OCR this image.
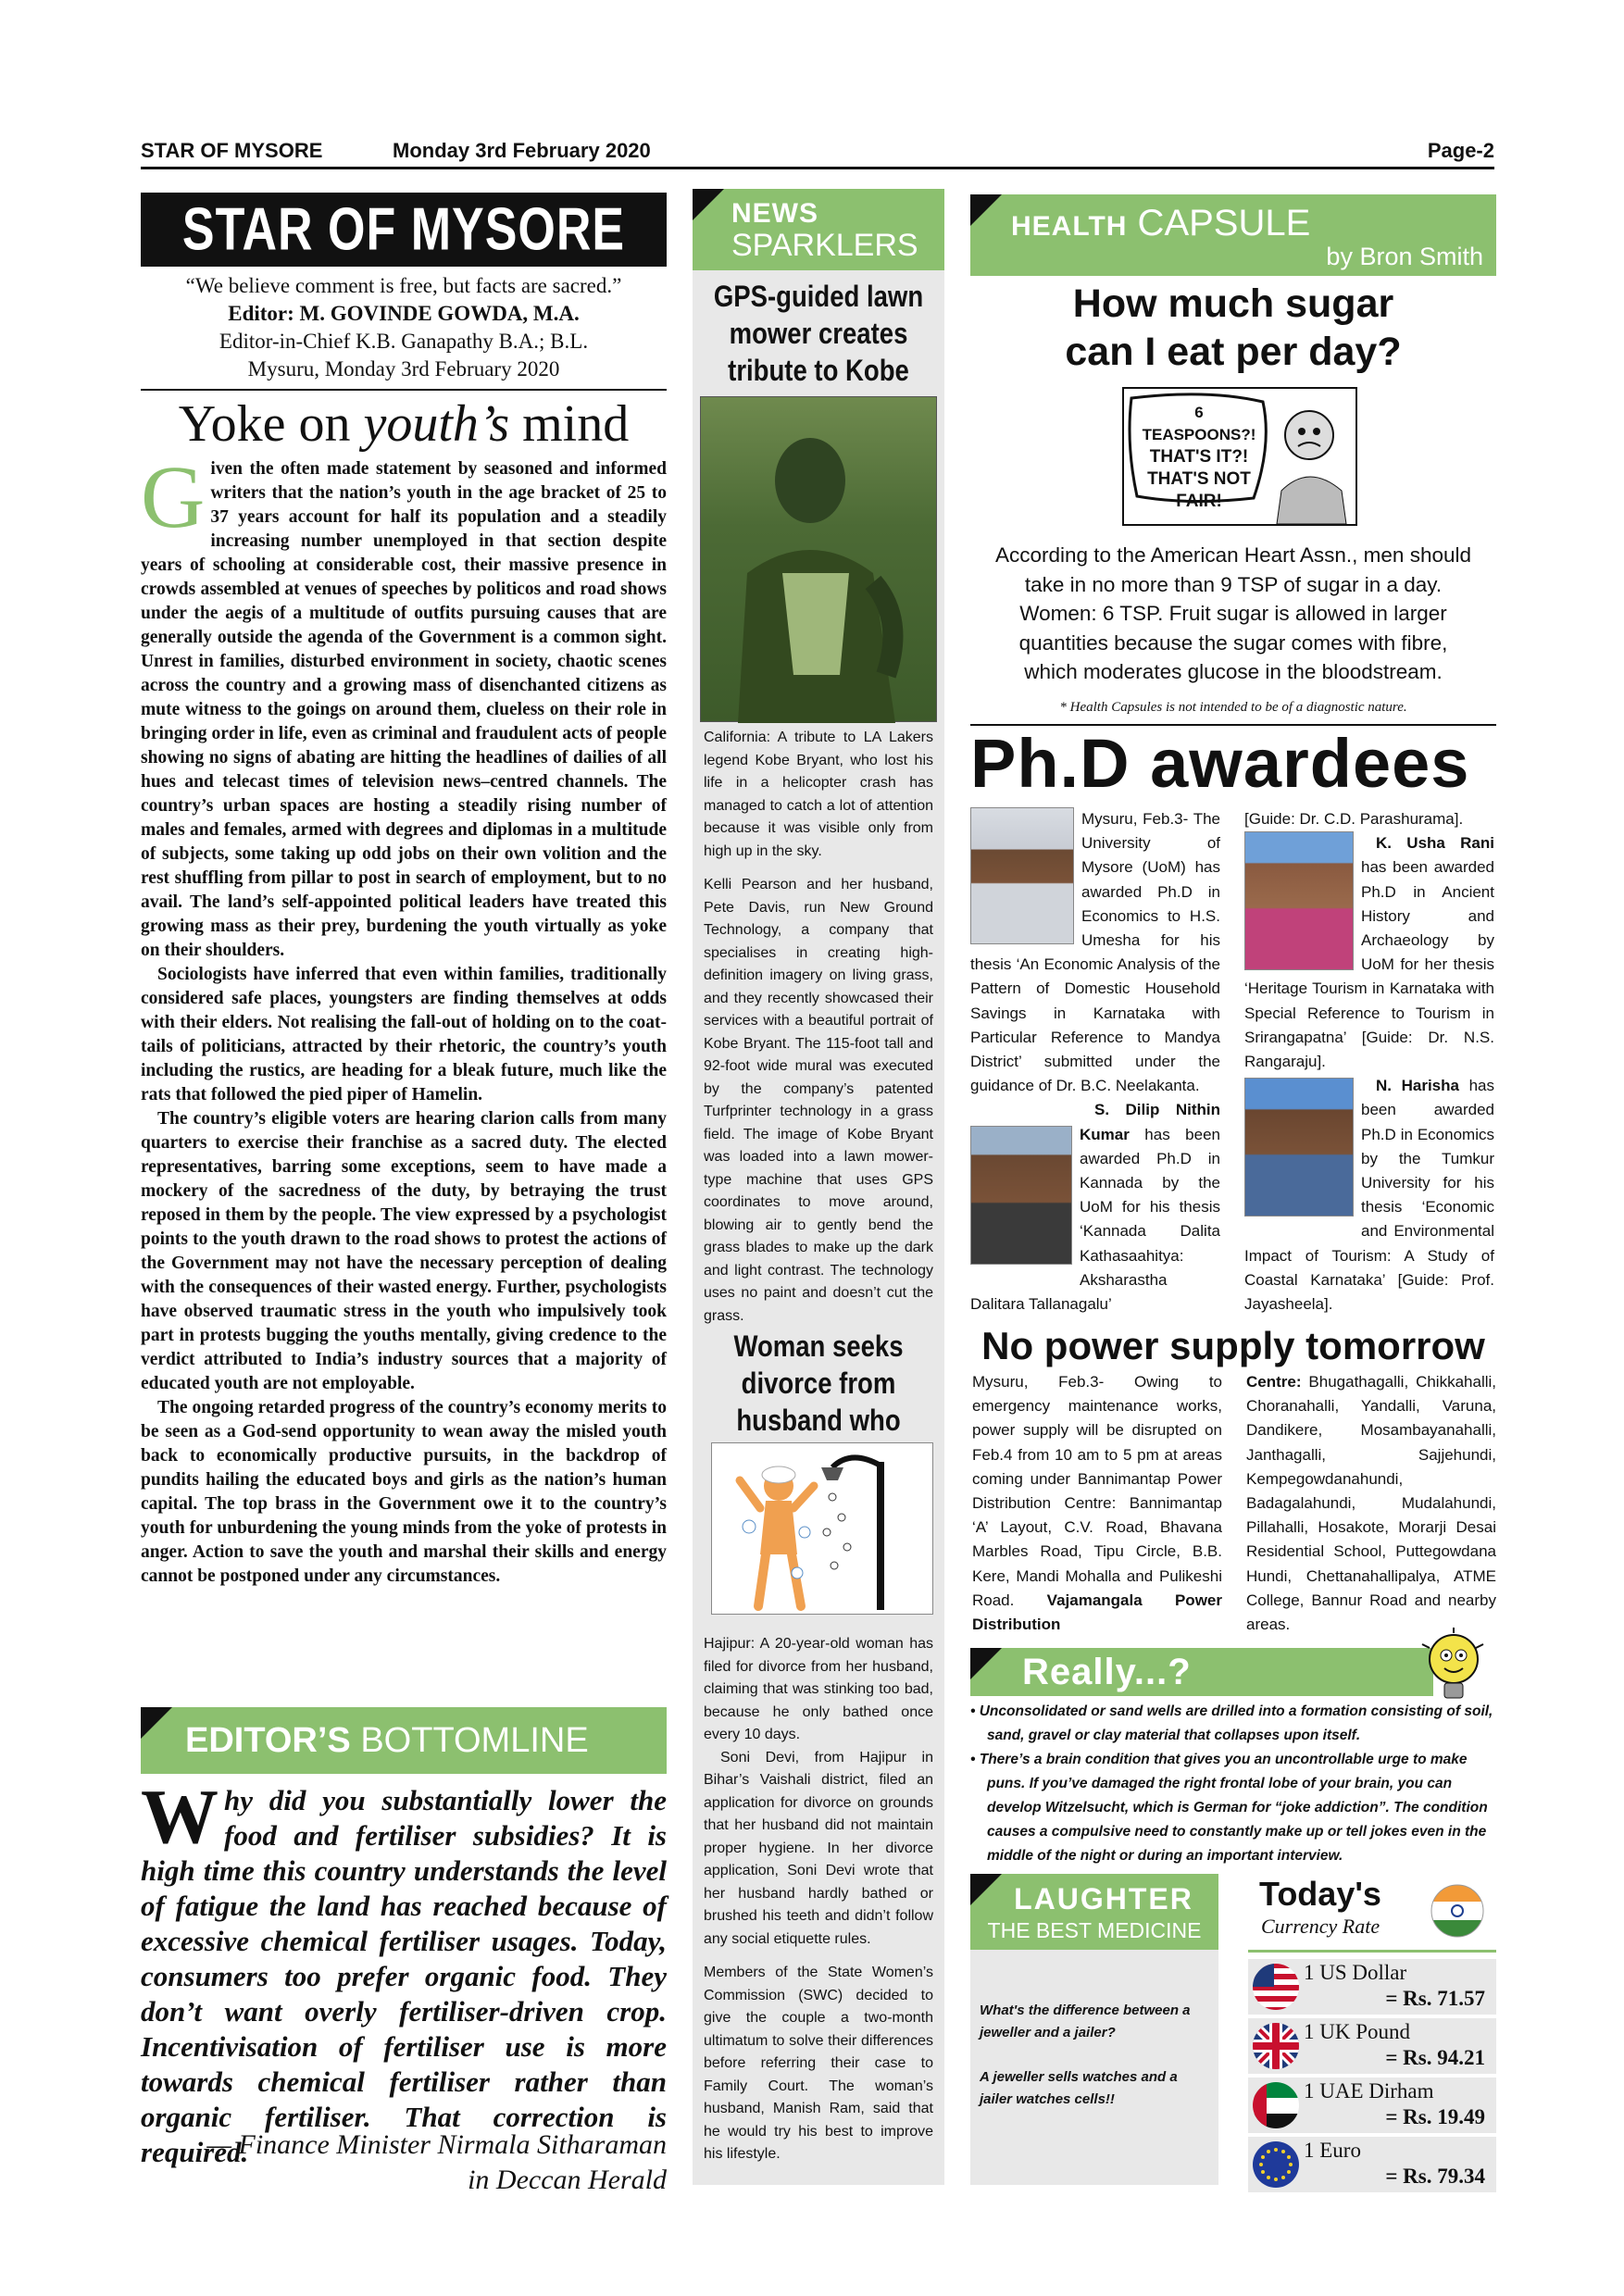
STAR OF MYSORE	Monday 3rd February 2020	Page-2
STAR OF MYSORE
“We believe comment is free, but facts are sacred.”
Editor: M. GOVINDE GOWDA, M.A.
Editor-in-Chief K.B. Ganapathy B.A.; B.L.
Mysuru, Monday 3rd February 2020
Yoke on youth’s mind
G iven the often made statement by seasoned and informed writers that the nation’s youth in the age bracket of 25 to 37 years account for half its population and a steadily increasing number unemployed in that section despite years of schooling at considerable cost, their massive presence in crowds assembled at venues of speeches by politicos and road shows under the aegis of a multitude of outfits pursuing causes that are generally outside the agenda of the Government is a common sight. Unrest in families, disturbed environment in society, chaotic scenes across the country and a growing mass of disenchanted citizens as mute witness to the goings on around them, clueless on their role in bringing order in life, even as criminal and fraudulent acts of people showing no signs of abating are hitting the headlines of dailies of all hues and telecast times of television news–centred channels. The country’s urban spaces are hosting a steadily rising number of males and females, armed with degrees and diplomas in a multitude of subjects, some taking up odd jobs on their own volition and the rest shuffling from pillar to post in search of employment, but to no avail. The land’s self-appointed political leaders have treated this growing mass as their prey, burdening the youth virtually as yoke on their shoulders.

Sociologists have inferred that even within families, traditionally considered safe places, youngsters are finding themselves at odds with their elders. Not realising the fall-out of holding on to the coat-tails of politicians, attracted by their rhetoric, the country’s youth including the rustics, are heading for a bleak future, much like the rats that followed the pied piper of Hamelin.

The country’s eligible voters are hearing clarion calls from many quarters to exercise their franchise as a sacred duty. The elected representatives, barring some exceptions, seem to have made a mockery of the sacredness of the duty, by betraying the trust reposed in them by the people. The view expressed by a psychologist points to the youth drawn to the road shows to protest the actions of the Government may not have the necessary perception of dealing with the consequences of their wasted energy. Further, psychologists have observed traumatic stress in the youth who impulsively took part in protests bugging the youths mentally, giving credence to the verdict attributed to India’s industry sources that a majority of educated youth are not employable.

The ongoing retarded progress of the country’s economy merits to be seen as a God-send opportunity to wean away the misled youth back to economically productive pursuits, in the backdrop of pundits hailing the educated boys and girls as the nation’s human capital. The top brass in the Government owe it to the country’s youth for unburdening the young minds from the yoke of protests in anger. Action to save the youth and marshal their skills and energy cannot be postponed under any circumstances.

EDITOR’S BOTTOMLINE
W hy did you substantially lower the food and fertiliser subsidies? It is high time this country understands the level of fatigue the land has reached because of excessive chemical fertiliser usages. Today, consumers too prefer organic food. They don’t want overly fertiliser-driven crop. Incentivisation of fertiliser use is more towards chemical fertiliser rather than organic fertiliser. That correction is required.
— Finance Minister Nirmala Sitharaman
in Deccan Herald
NEWS
SPARKLERS
GPS-guided lawn mower creates tribute to Kobe

California: A tribute to LA Lakers legend Kobe Bryant, who lost his life in a helicopter crash has managed to catch a lot of attention because it was visible only from high up in the sky.

Kelli Pearson and her husband, Pete Davis, run New Ground Technology, a company that specialises in creating high-definition imagery on living grass, and they recently showcased their services with a beautiful portrait of Kobe Bryant. The 115-foot tall and 92-foot wide mural was executed by the company’s patented Turfprinter technology in a grass field. The image of Kobe Bryant was loaded into a lawn mower-type machine that uses GPS coordinates to move around, blowing air to gently bend the grass blades to make up the dark and light contrast. The technology uses no paint and doesn’t cut the grass.

Woman seeks divorce from husband who

Hajipur: A 20-year-old woman has filed for divorce from her husband, claiming that was stinking too bad, because he only bathed once every 10 days.

Soni Devi, from Hajipur in Bihar’s Vaishali district, filed an application for divorce on grounds that her husband did not maintain proper hygiene. In her divorce application, Soni Devi wrote that her husband hardly bathed or brushed his teeth and didn’t follow any social etiquette rules.

Members of the State Women’s Commission (SWC) decided to give the couple a two-month ultimatum to solve their differences before referring their case to Family Court. The woman’s husband, Manish Ram, said that he would try his best to improve his lifestyle.

HEALTH CAPSULE
by Bron Smith
How much sugar can I eat per day?
6 TEASPOONS?!
THAT'S IT?!
THAT'S NOT
FAIR!
According to the American Heart Assn., men should take in no more than 9 TSP of sugar in a day. Women: 6 TSP. Fruit sugar is allowed in larger quantities because the sugar comes with fibre, which moderates glucose in the bloodstream.
* Health Capsules is not intended to be of a diagnostic nature.
Ph.D awardees

Mysuru, Feb.3- The University of Mysore (UoM) has awarded Ph.D in Economics to H.S. Umesha for his thesis ‘An Economic Analysis of the Pattern of Domestic Household Savings in Karnataka with Particular Reference to Mandya District’ submitted under the guidance of Dr. B.C. Neelakanta.

S. Dilip Nithin Kumar has been awarded Ph.D in Kannada by the UoM for his thesis ‘Kannada Dalita Kathasaahitya: Aksharastha Dalitara Tallanagalu’

[Guide: Dr. C.D. Parashurama].

K. Usha Rani has been awarded Ph.D in Ancient History and Archaeology by UoM for her thesis ‘Heritage Tourism in Karnataka with Special Reference to Tourism in Srirangapatna’ [Guide: Dr. N.S. Rangaraju].

N. Harisha has been awarded Ph.D in Economics by the Tumkur University for his thesis ‘Economic and Environmental Impact of Tourism: A Study of Coastal Karnataka’ [Guide: Prof. Jayasheela].

No power supply tomorrow
Mysuru, Feb.3- Owing to emergency maintenance works, power supply will be disrupted on Feb.4 from 10 am to 5 pm at areas coming under Bannimantap Power Distribution Centre: Bannimantap ‘A’ Layout, C.V. Road, Bhavana Marbles Road, Tipu Circle, B.B. Kere, Mandi Mohalla and Pulikeshi Road. Vajamangala Power Distribution
Centre: Bhugathagalli, Chikkahalli, Choranahalli, Yandalli, Varuna, Dandikere, Mosambayanahalli, Janthagalli, Sajjehundi, Kempegowdanahundi, Badagalahundi, Mudalahundi, Pillahalli, Hosakote, Morarji Desai Residential School, Puttegowdana Hundi, Chettanahallipalya, ATME College, Bannur Road and nearby areas.
Really...?
• Unconsolidated or sand wells are drilled into a formation consisting of soil, sand, gravel or clay material that collapses upon itself.
• There’s a brain condition that gives you an uncontrollable urge to make puns. If you’ve damaged the right frontal lobe of your brain, you can develop Witzelsucht, which is German for “joke addiction”. The condition causes a compulsive need to constantly make up or tell jokes even in the middle of the night or during an important interview.
LAUGHTER
THE BEST MEDICINE

What's the difference between a jeweller and a jailer?

A jeweller sells watches and a jailer watches cells!!

Today's
Currency Rate
1 US Dollar
= Rs. 71.57
1 UK Pound
= Rs. 94.21
1 UAE Dirham
= Rs. 19.49
1 Euro
= Rs. 79.34
